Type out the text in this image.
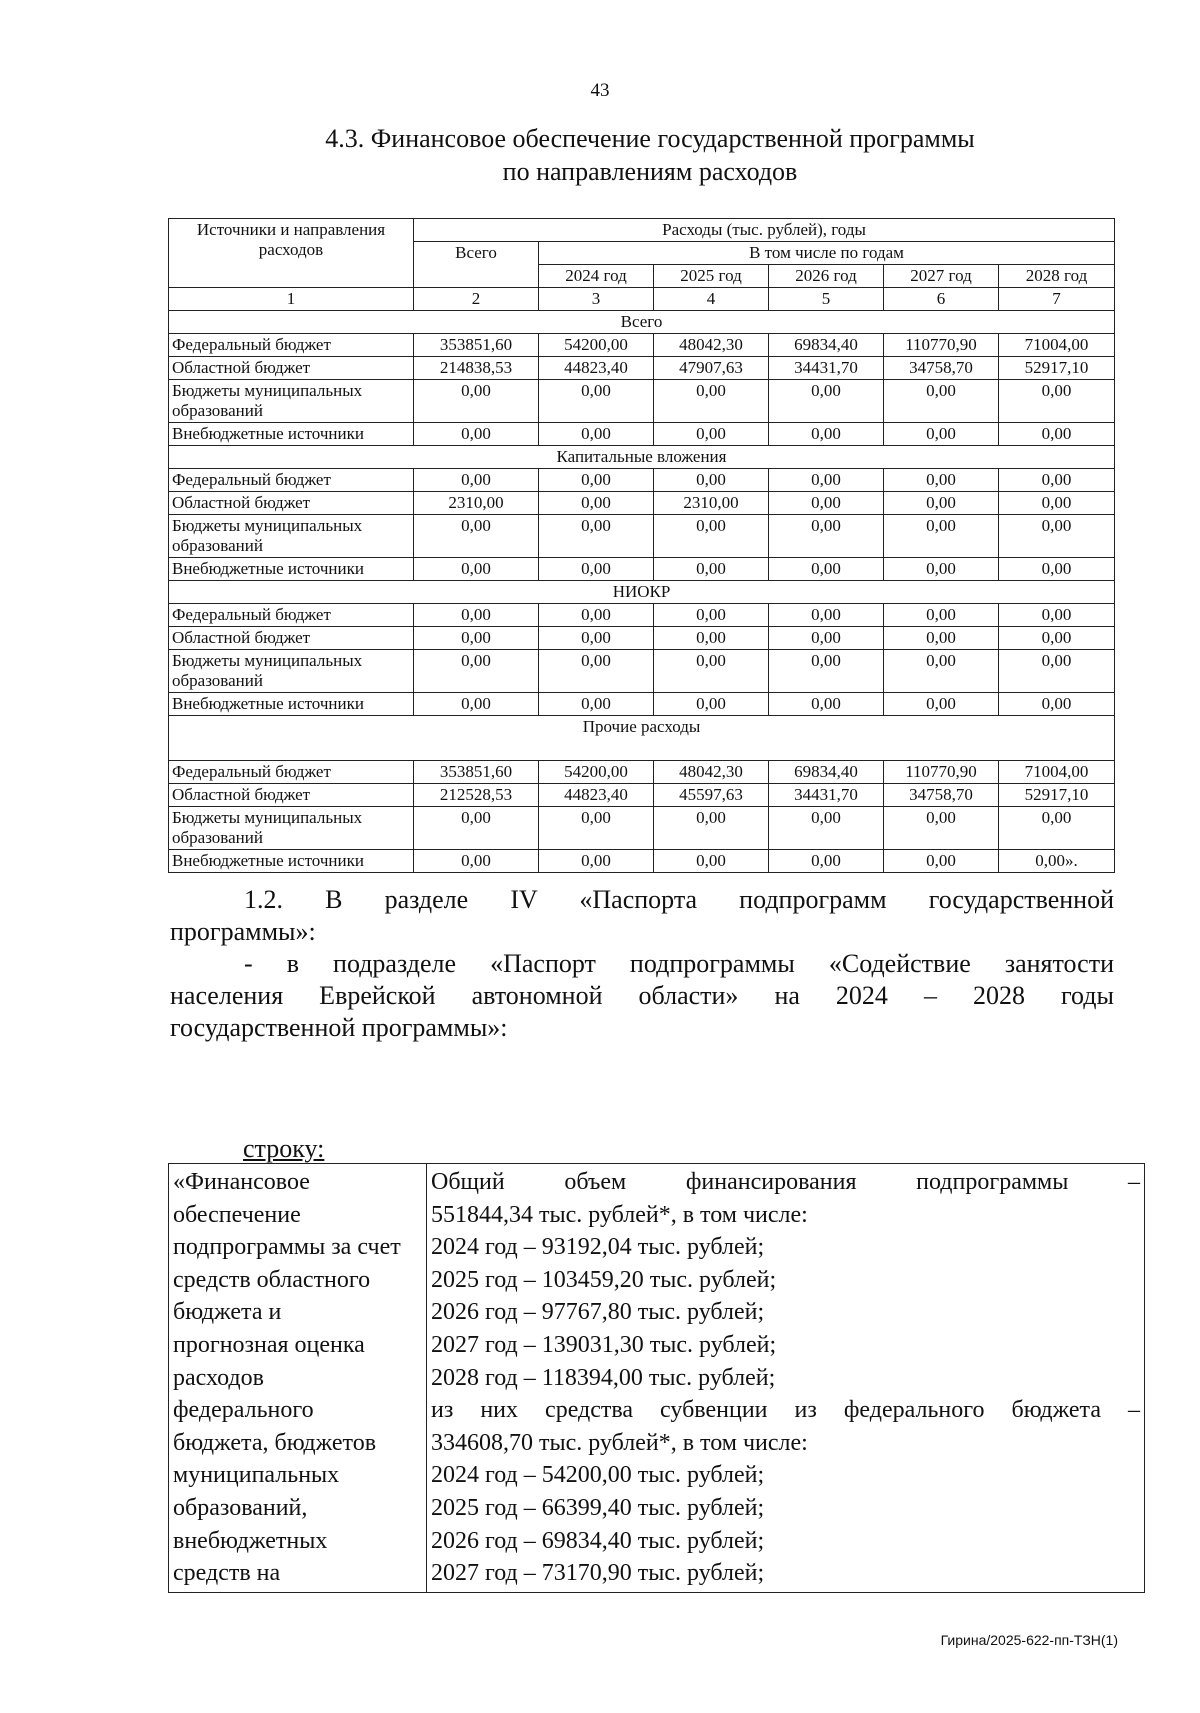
43
4.3. Финансовое обеспечение государственной программы
по направлениям расходов
Источники и направления расходов	Расходы (тыс. рублей), годы					
	Всего	В том числе по годам				
		2024 год	2025 год	2026 год	2027 год	2028 год
1	2	3	4	5	6	7
Всего						
Федеральный бюджет	353851,60	54200,00	48042,30	69834,40	110770,90	71004,00
Областной бюджет	214838,53	44823,40	47907,63	34431,70	34758,70	52917,10
Бюджеты муниципальных образований	0,00	0,00	0,00	0,00	0,00	0,00
Внебюджетные источники	0,00	0,00	0,00	0,00	0,00	0,00
Капитальные вложения						
Федеральный бюджет	0,00	0,00	0,00	0,00	0,00	0,00
Областной бюджет	2310,00	0,00	2310,00	0,00	0,00	0,00
Бюджеты муниципальных образований	0,00	0,00	0,00	0,00	0,00	0,00
Внебюджетные источники	0,00	0,00	0,00	0,00	0,00	0,00
НИОКР						
Федеральный бюджет	0,00	0,00	0,00	0,00	0,00	0,00
Областной бюджет	0,00	0,00	0,00	0,00	0,00	0,00
Бюджеты муниципальных образований	0,00	0,00	0,00	0,00	0,00	0,00
Внебюджетные источники	0,00	0,00	0,00	0,00	0,00	0,00
Прочие расходы						
Федеральный бюджет	353851,60	54200,00	48042,30	69834,40	110770,90	71004,00
Областной бюджет	212528,53	44823,40	45597,63	34431,70	34758,70	52917,10
Бюджеты муниципальных образований	0,00	0,00	0,00	0,00	0,00	0,00
Внебюджетные источники	0,00	0,00	0,00	0,00	0,00	0,00».
1.2. В разделе IV «Паспорта подпрограмм государственной
программы»:
- в подразделе «Паспорт подпрограммы «Содействие занятости
населения Еврейской автономной области» на 2024 – 2028 годы
государственной программы»:
строку:
«Финансовое
обеспечение
подпрограммы за счет
средств областного
бюджета и
прогнозная оценка
расходов
федерального
бюджета, бюджетов
муниципальных
образований,
внебюджетных
средств на

Общий объем финансирования подпрограммы –
551844,34 тыс. рублей*, в том числе:
2024 год – 93192,04 тыс. рублей;
2025 год – 103459,20 тыс. рублей;
2026 год – 97767,80 тыс. рублей;
2027 год – 139031,30 тыс. рублей;
2028 год – 118394,00 тыс. рублей;
из них средства субвенции из федерального бюджета –
334608,70 тыс. рублей*, в том числе:
2024 год – 54200,00 тыс. рублей;
2025 год – 66399,40 тыс. рублей;
2026 год – 69834,40 тыс. рублей;
2027 год – 73170,90 тыс. рублей;
Гирина/2025-622-пп-ТЗН(1)
